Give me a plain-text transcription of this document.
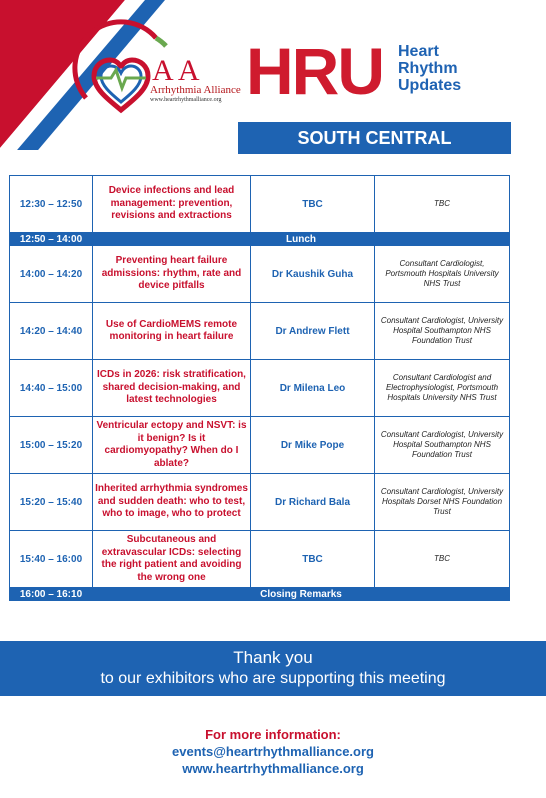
A A
Arrhythmia Alliance
www.heartrhythmalliance.org HRU Heart
Rhythm
Updates
SOUTH CENTRAL
12:30 – 12:50	Device infections and lead management: prevention, revisions and extractions	TBC	TBC
12:50 – 14:00	Lunch		
14:00 – 14:20	Preventing heart failure admissions: rhythm, rate and device pitfalls	Dr Kaushik Guha	Consultant Cardiologist, Portsmouth Hospitals University NHS Trust
14:20 – 14:40	Use of CardioMEMS remote monitoring in heart failure	Dr Andrew Flett	Consultant Cardiologist, University Hospital Southampton NHS Foundation Trust
14:40 – 15:00	ICDs in 2026: risk stratification, shared decision-making, and latest technologies	Dr Milena Leo	Consultant Cardiologist and Electrophysiologist, Portsmouth Hospitals University NHS Trust
15:00 – 15:20	Ventricular ectopy and NSVT: is it benign? Is it cardiomyopathy? When do I ablate?	Dr Mike Pope	Consultant Cardiologist, University Hospital Southampton NHS Foundation Trust
15:20 – 15:40	Inherited arrhythmia syndromes and sudden death: who to test, who to image, who to protect	Dr Richard Bala	Consultant Cardiologist, University Hospitals Dorset NHS Foundation Trust
15:40 – 16:00	Subcutaneous and extravascular ICDs: selecting the right patient and avoiding the wrong one	TBC	TBC
16:00 – 16:10	Closing Remarks		
Thank you
to our exhibitors who are supporting this meeting
For more information:
events@heartrhythmalliance.org
www.heartrhythmalliance.org
